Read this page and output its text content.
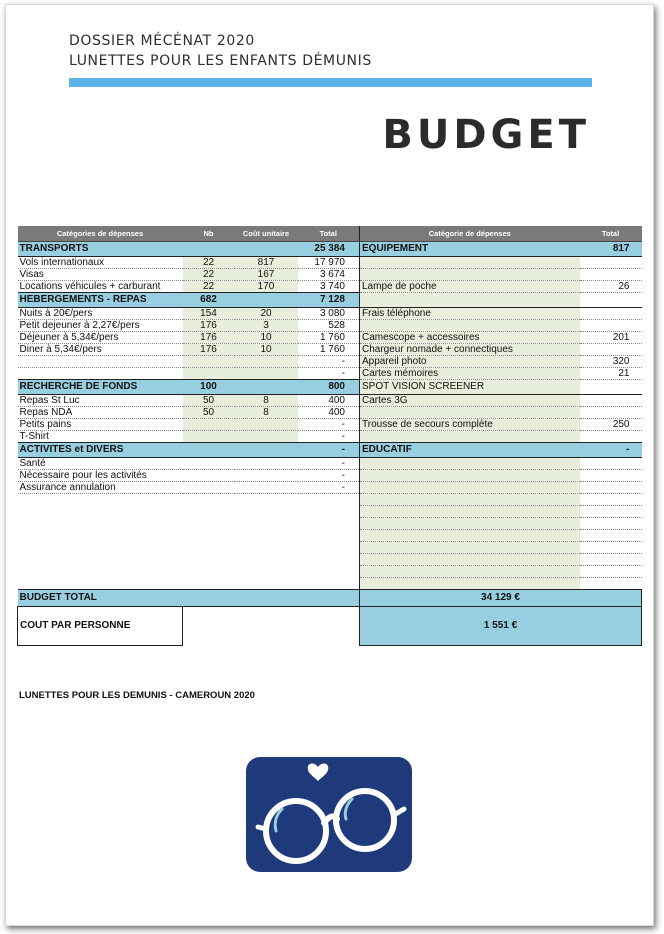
DOSSIER MÉCÉNAT 2020
LUNETTES POUR LES ENFANTS DÉMUNIS
BUDGET
Catégories de dépenses	Nb	Coût unitaire	Total	Catégorie de dépenses	Total
TRANSPORTS			25 384	EQUIPEMENT	817
Vols internationaux	22	817	17 970		
Visas	22	167	3 674		
Locations véhicules + carburant	22	170	3 740	Lampe de poche	26
HEBERGEMENTS - REPAS	682		7 128		
Nuits à 20€/pers	154	20	3 080	Frais téléphone	
Petit dejeuner à 2,27€/pers	176	3	528		
Déjeuner à 5,34€/pers	176	10	1 760	Camescope + accessoires	201
Diner à 5,34€/pers	176	10	1 760	Chargeur nomade + connectiques	
			-	Appareil photo	320
			-	Cartes mémoires	21
RECHERCHE DE FONDS	100		800	SPOT VISION SCREENER	
Repas St Luc	50	8	400	Cartes 3G	
Repas NDA	50	8	400		
Petits pains			-	Trousse de secours complète	250
T-Shirt			-		
ACTIVITES et DIVERS			-	EDUCATIF	-
Santé			-		
Nécessaire pour les activités			-		
Assurance annulation			-		

BUDGET TOTAL				34 129 €	
COUT PAR PERSONNE				1 551 €	
LUNETTES POUR LES DEMUNIS - CAMEROUN 2020
